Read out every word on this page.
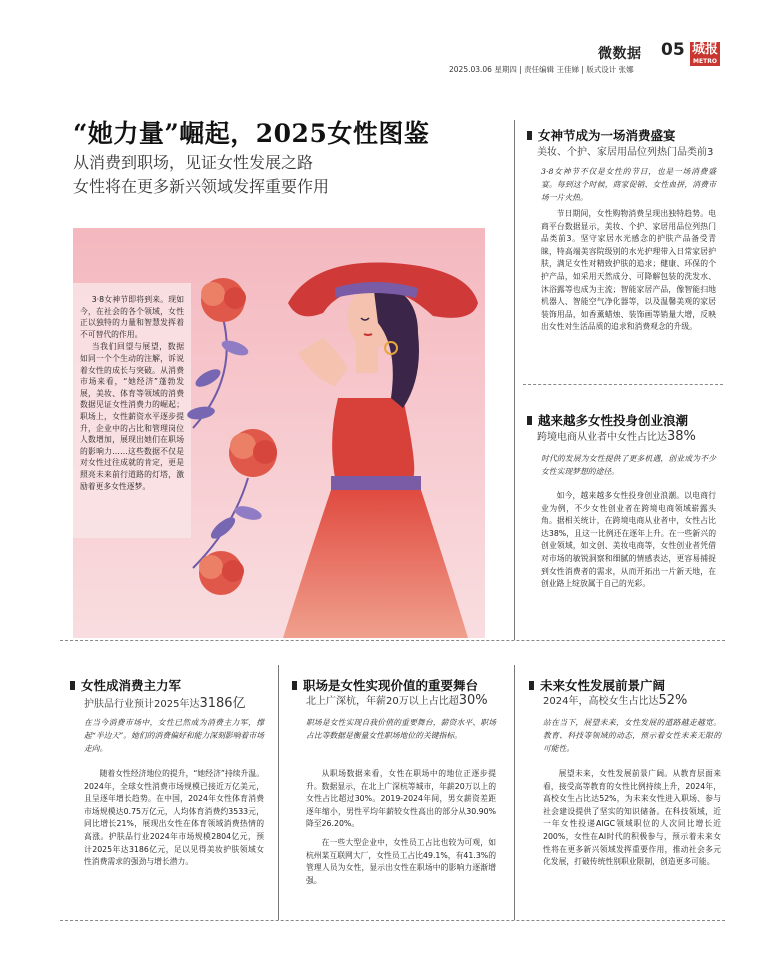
微数据 05 城报
METRO
2025.03.06 星期四 | 责任编辑 王佳娣 | 版式设计 张娜
“她力量”崛起，2025女性图鉴
从消费到职场，见证女性发展之路
女性将在更多新兴领域发挥重要作用

3·8女神节即将到来。现如今，在社会的各个领域，女性正以独特的力量和智慧发挥着不可替代的作用。

当我们回望与展望，数据如同一个个生动的注解，诉说着女性的成长与突破。从消费市场来看，“她经济”蓬勃发展，美妆、体育等领域的消费数据见证女性消费力的崛起；职场上，女性薪资水平逐步提升，企业中的占比和管理岗位人数增加，展现出她们在职场的影响力……这些数据不仅是对女性过往成就的肯定，更是照亮未来前行道路的灯塔，激励着更多女性逐梦。

女神节成为一场消费盛宴
美妆、个护、家居用品位列热门品类前3
3·8女神节不仅是女性的节日，也是一场消费盛宴。每到这个时候，商家促销、女性血拼，消费市场一片火热。

节日期间，女性购物消费呈现出独特趋势。电商平台数据显示，美妆、个护、家居用品位列热门品类前3。坚守家居水光感念的护肤产品备受青睐，特高端美容院级别的水光护理带入日常家居护肤，满足女性对精致护肤的追求；健康、环保的个护产品，如采用天然成分、可降解包装的洗发水、沐浴露等也成为主流；智能家居产品，像智能扫地机器人、智能空气净化器等，以及温馨美观的家居装饰用品，如香薰蜡烛、装饰画等销量大增，反映出女性对生活品质的追求和消费观念的升级。

越来越多女性投身创业浪潮
跨境电商从业者中女性占比达38%
时代的发展为女性提供了更多机遇，创业成为不少女性实现梦想的途径。

如今，越来越多女性投身创业浪潮。以电商行业为例，不少女性创业者在跨境电商领域崭露头角。据相关统计，在跨境电商从业者中，女性占比达38%，且这一比例还在逐年上升。在一些新兴的创业领域，如文创、美妆电商等，女性创业者凭借对市场的敏锐洞察和细腻的情感表达，更容易捕捉到女性消费者的需求，从而开拓出一片新天地，在创业路上绽放属于自己的光彩。

女性成消费主力军
护肤品行业预计2025年达3186亿
在当今消费市场中，女性已然成为消费主力军，撑起“半边天”。她们的消费偏好和能力深刻影响着市场走向。

随着女性经济地位的提升，“她经济”持续升温。2024年，全球女性消费市场规模已接近万亿美元，且呈逐年增长趋势。在中国，2024年女性体育消费市场规模达0.75万亿元，人均体育消费约3533元，同比增长21%，展现出女性在体育领域消费热情的高涨。护肤品行业2024年市场规模2804亿元，预计2025年达3186亿元，足以见得美妆护肤领域女性消费需求的强劲与增长潜力。

职场是女性实现价值的重要舞台
北上广深杭，年薪20万以上占比超30%
职场是女性实现自我价值的重要舞台，薪资水平、职场占比等数据是衡量女性职场地位的关键指标。

从职场数据来看，女性在职场中的地位正逐步提升。数据显示，在北上广深杭等城市，年薪20万以上的女性占比超过30%。2019-2024年间，男女薪资差距逐年缩小，男性平均年薪较女性高出的部分从30.90%降至26.20%。

在一些大型企业中，女性员工占比也较为可观，如杭州某互联网大厂，女性员工占比49.1%，有41.3%的管理人员为女性，显示出女性在职场中的影响力逐渐增强。

未来女性发展前景广阔
2024年，高校女生占比达52%
站在当下，展望未来，女性发展的道路越走越宽。教育、科技等领域的动态，预示着女性未来无限的可能性。

展望未来，女性发展前景广阔。从教育层面来看，接受高等教育的女性比例持续上升，2024年，高校女生占比达52%，为未来女性进入职场、参与社会建设提供了坚实的知识储备。在科技领域，近一年女性投递AIGC领域职位的人次同比增长近200%，女性在AI时代的积极参与，预示着未来女性将在更多新兴领域发挥重要作用，推动社会多元化发展，打破传统性别职业限制，创造更多可能。
